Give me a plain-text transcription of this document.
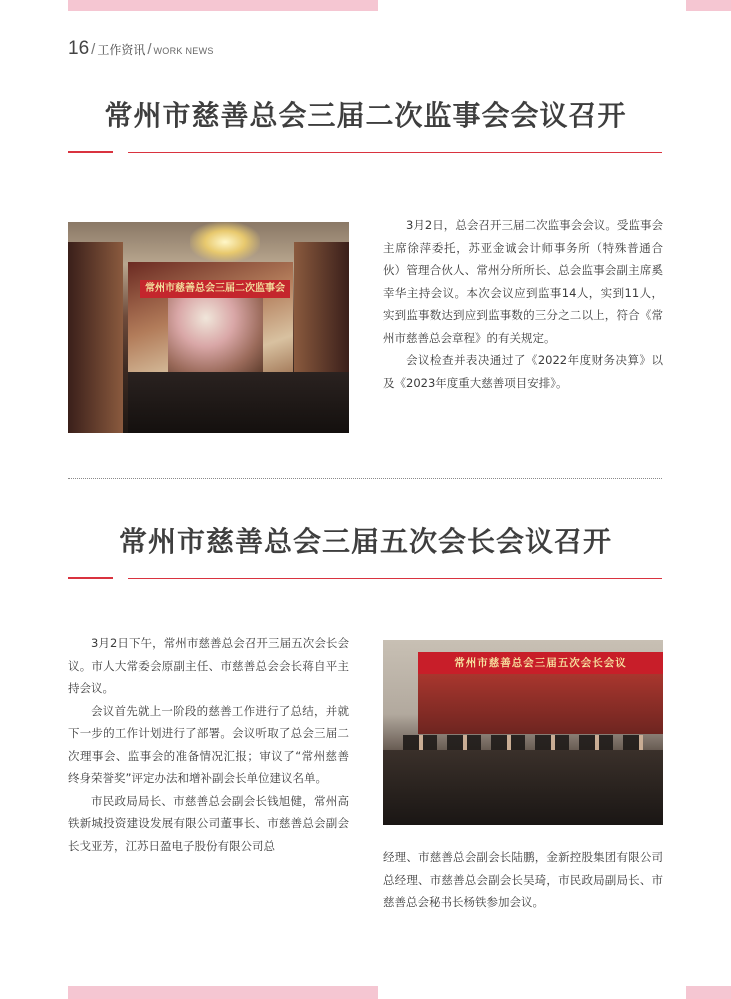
16 / 工作资讯 / WORK NEWS
常州市慈善总会三届二次监事会会议召开
常州市慈善总会三届二次监事会

3月2日，总会召开三届二次监事会会议。受监事会主席徐萍委托，苏亚金诚会计师事务所（特殊普通合伙）管理合伙人、常州分所所长、总会监事会副主席奚幸华主持会议。本次会议应到监事14人，实到11人，实到监事数达到应到监事数的三分之二以上，符合《常州市慈善总会章程》的有关规定。

会议检查并表决通过了《2022年度财务决算》以及《2023年度重大慈善项目安排》。

常州市慈善总会三届五次会长会议召开

3月2日下午，常州市慈善总会召开三届五次会长会议。市人大常委会原副主任、市慈善总会会长蒋自平主持会议。

会议首先就上一阶段的慈善工作进行了总结，并就下一步的工作计划进行了部署。会议听取了总会三届二次理事会、监事会的准备情况汇报；审议了“常州慈善终身荣誉奖”评定办法和增补副会长单位建议名单。

市民政局局长、市慈善总会副会长钱旭健，常州高铁新城投资建设发展有限公司董事长、市慈善总会副会长戈亚芳，江苏日盈电子股份有限公司总

常州市慈善总会三届五次会长会议

经理、市慈善总会副会长陆鹏，金新控股集团有限公司总经理、市慈善总会副会长吴琦，市民政局副局长、市慈善总会秘书长杨铁参加会议。
